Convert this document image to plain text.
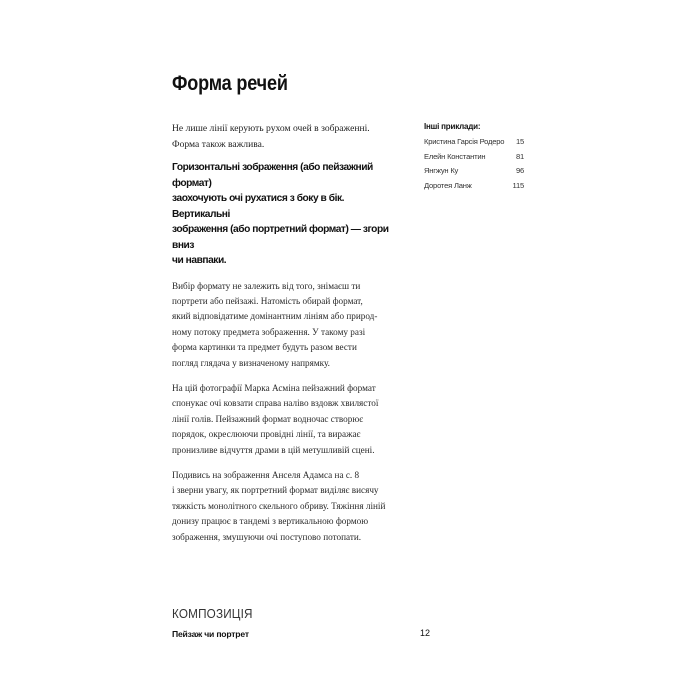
Форма речей

Не лише лінії керують рухом очей в зображенні.

Форма також важлива.

Горизонтальні зображення (або пейзажний формат)

заохочують очі рухатися з боку в бік. Вертикальні

зображення (або портретний формат) — згори вниз

чи навпаки.

Вибір формату не залежить від того, знімаєш ти
портрети або пейзажі. Натомість обирай формат,
який відповідатиме домінантним лініям або природ-
ному потоку предмета зображення. У такому разі
форма картинки та предмет будуть разом вести
погляд глядача у визначеному напрямку.

На цій фотографії Марка Асміна пейзажний формат
спонукає очі ковзати справа наліво вздовж хвилястої
лінії голів. Пейзажний формат водночас створює
порядок, окреслюючи провідні лінії, та виражає
пронизливе відчуття драми в цій метушливій сцені.

Подивись на зображення Анселя Адамса на с. 8
і зверни увагу, як портретний формат виділяє висячу
тяжкість монолітного скельного обриву. Тяжіння ліній
донизу працює в тандемі з вертикальною формою
зображення, змушуючи очі поступово потопати.

Інші приклади:
Кристина Гарсія Родеро 15
Елейн Константин	81
Янгжун Ку	96
Доротея Ланж	115
КОМПОЗИЦІЯ
Пейзаж чи портрет	12
